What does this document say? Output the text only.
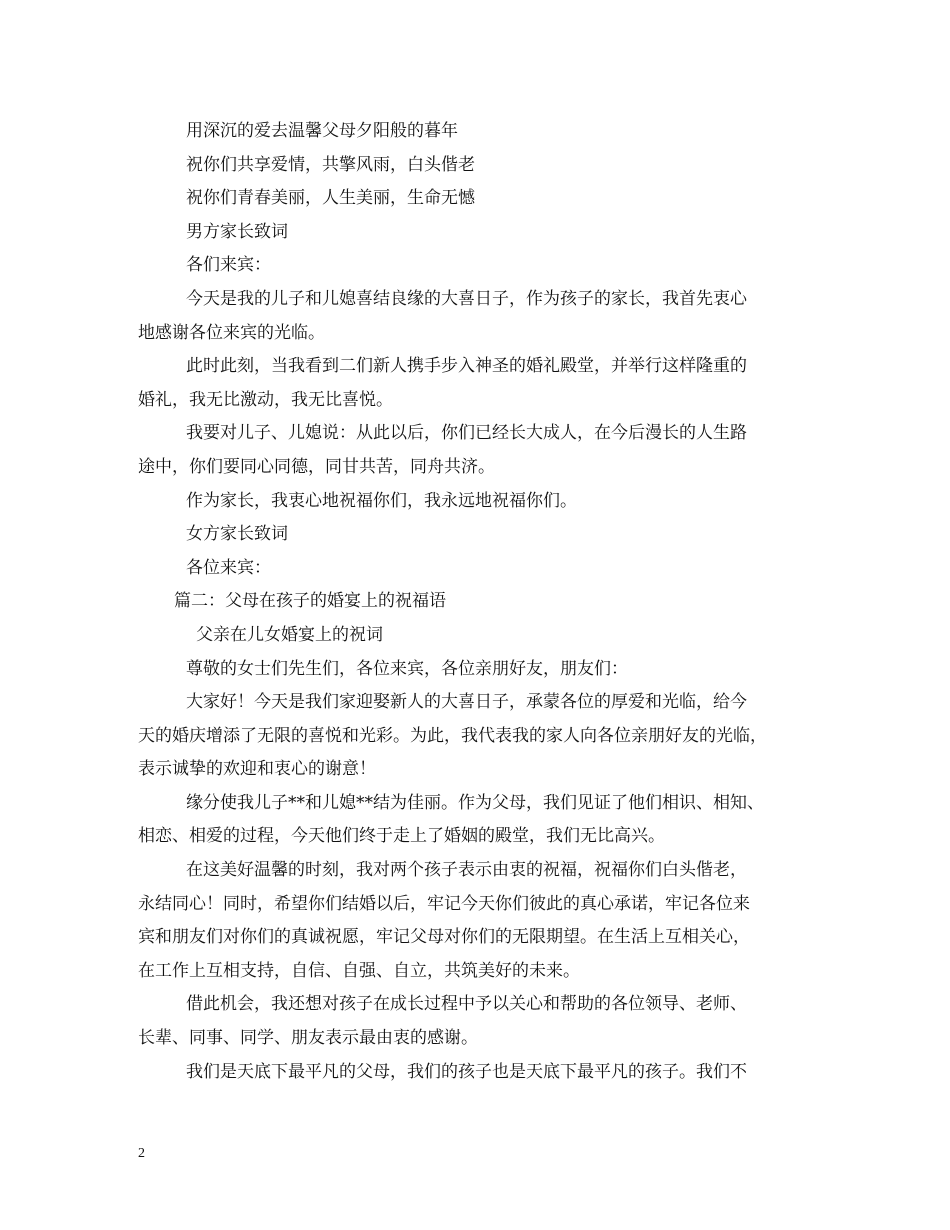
用深沉的爱去温馨父母夕阳般的暮年
祝你们共享爱情，共擎风雨，白头偕老
祝你们青春美丽，人生美丽，生命无憾
男方家长致词
各们来宾：
今天是我的儿子和儿媳喜结良缘的大喜日子，作为孩子的家长，我首先衷心
地感谢各位来宾的光临。
此时此刻，当我看到二们新人携手步入神圣的婚礼殿堂，并举行这样隆重的
婚礼，我无比激动，我无比喜悦。
我要对儿子、儿媳说：从此以后，你们已经长大成人，在今后漫长的人生路
途中，你们要同心同德，同甘共苦，同舟共济。
作为家长，我衷心地祝福你们，我永远地祝福你们。
女方家长致词
各位来宾：
篇二：父母在孩子的婚宴上的祝福语
父亲在儿女婚宴上的祝词
尊敬的女士们先生们，各位来宾，各位亲朋好友，朋友们：
大家好！今天是我们家迎娶新人的大喜日子，承蒙各位的厚爱和光临，给今
天的婚庆增添了无限的喜悦和光彩。为此，我代表我的家人向各位亲朋好友的光临，
表示诚挚的欢迎和衷心的谢意！
缘分使我儿子**和儿媳**结为佳丽。作为父母，我们见证了他们相识、相知、
相恋、相爱的过程，今天他们终于走上了婚姻的殿堂，我们无比高兴。
在这美好温馨的时刻，我对两个孩子表示由衷的祝福，祝福你们白头偕老，
永结同心！同时，希望你们结婚以后，牢记今天你们彼此的真心承诺，牢记各位来
宾和朋友们对你们的真诚祝愿，牢记父母对你们的无限期望。在生活上互相关心，
在工作上互相支持，自信、自强、自立，共筑美好的未来。
借此机会，我还想对孩子在成长过程中予以关心和帮助的各位领导、老师、
长辈、同事、同学、朋友表示最由衷的感谢。
我们是天底下最平凡的父母，我们的孩子也是天底下最平凡的孩子。我们不
2
